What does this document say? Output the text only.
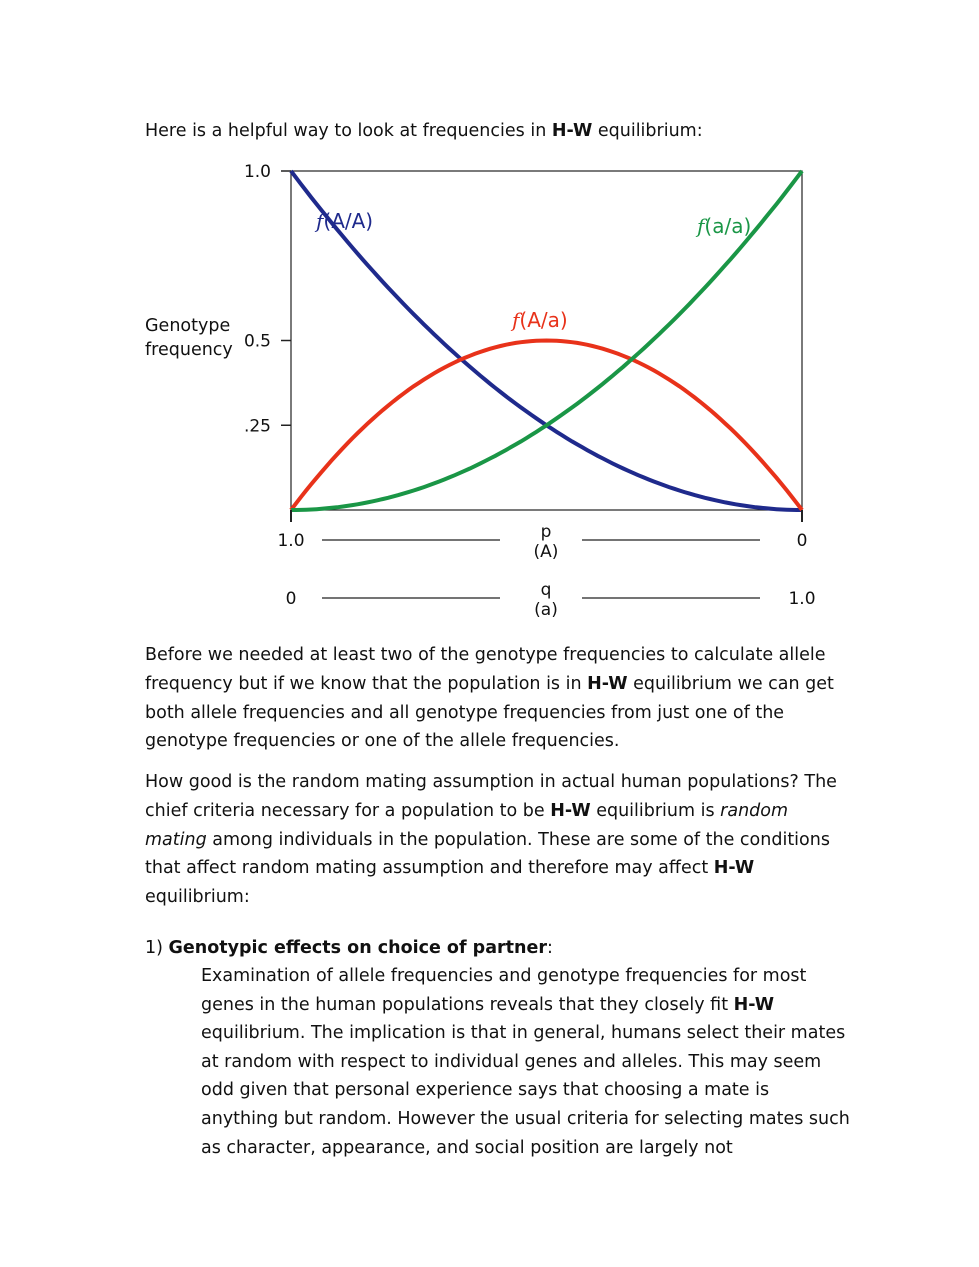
Here is a helpful way to look at frequencies in H-W equilibrium:

1.0
0.5
.25
f(A/A)
f(A/a)
f(a/a)
1.0	0
p
(A)
0	1.0
q
(a)

Genotype
frequency

Before we needed at least two of the genotype frequencies to calculate allele frequency but if we know that the population is in H-W equilibrium we can get both allele frequencies and all genotype frequencies from just one of the genotype frequencies or one of the allele frequencies.

How good is the random mating assumption in actual human populations? The chief criteria necessary for a population to be H-W equilibrium is random mating among individuals in the population. These are some of the conditions that affect random mating assumption and therefore may affect H-W equilibrium:

1) Genotypic effects on choice of partner:

Examination of allele frequencies and genotype frequencies for most genes in the human populations reveals that they closely fit H-W equilibrium. The implication is that in general, humans select their mates at random with respect to individual genes and alleles. This may seem odd given that personal experience says that choosing a mate is anything but random. However the usual criteria for selecting mates such as character, appearance, and social position are largely not
